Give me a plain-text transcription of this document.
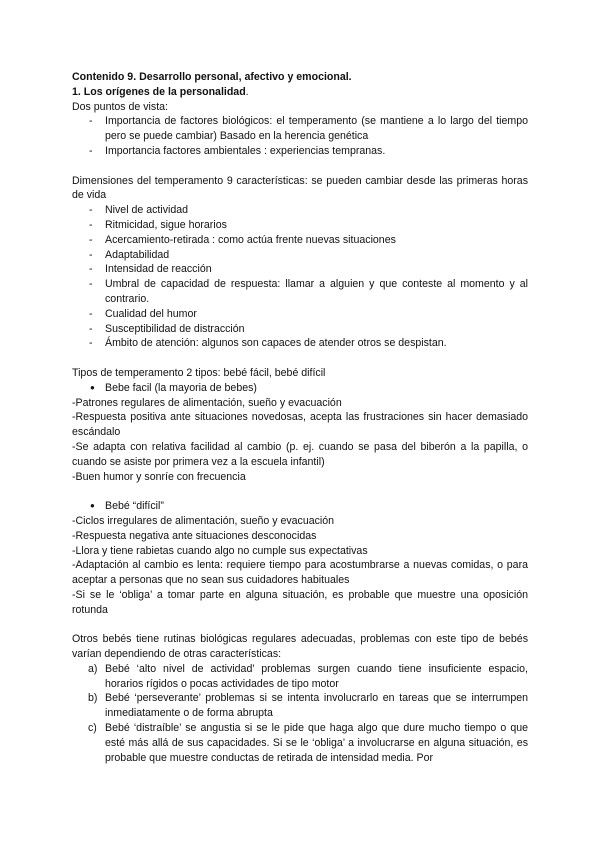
Contenido 9. Desarrollo personal, afectivo y emocional.
1. Los orígenes de la personalidad.
Dos puntos de vista:
- Importancia de factores biológicos: el temperamento (se mantiene a lo largo del tiempo pero se puede cambiar) Basado en la herencia genética
- Importancia factores ambientales : experiencias tempranas.
Dimensiones del temperamento 9 características: se pueden cambiar desde las primeras horas de vida
- Nivel de actividad
- Ritmicidad, sigue horarios
- Acercamiento-retirada : como actúa frente nuevas situaciones
- Adaptabilidad
- Intensidad de reacción
- Umbral de capacidad de respuesta: llamar a alguien y que conteste al momento y al contrario.
- Cualidad del humor
- Susceptibilidad de distracción
- Ámbito de atención: algunos son capaces de atender otros se despistan.
Tipos de temperamento 2 tipos: bebé fácil, bebé difícil
● Bebe facil (la mayoria de bebes)
-Patrones regulares de alimentación, sueño y evacuación
-Respuesta positiva ante situaciones novedosas, acepta las frustraciones sin hacer demasiado escándalo
-Se adapta con relativa facilidad al cambio (p. ej. cuando se pasa del biberón a la papilla, o cuando se asiste por primera vez a la escuela infantil)
-Buen humor y sonríe con frecuencia
● Bebé “difícil”
-Ciclos irregulares de alimentación, sueño y evacuación
-Respuesta negativa ante situaciones desconocidas
-Llora y tiene rabietas cuando algo no cumple sus expectativas
-Adaptación al cambio es lenta: requiere tiempo para acostumbrarse a nuevas comidas, o para aceptar a personas que no sean sus cuidadores habituales
-Si se le ‘obliga’ a tomar parte en alguna situación, es probable que muestre una oposición rotunda
Otros bebés tiene rutinas biológicas regulares adecuadas, problemas con este tipo de bebés varían dependiendo de otras características:
a) Bebé ‘alto nivel de actividad’ problemas surgen cuando tiene insuficiente espacio, horarios rígidos o pocas actividades de tipo motor
b) Bebé ‘perseverante’ problemas si se intenta involucrarlo en tareas que se interrumpen inmediatamente o de forma abrupta
c) Bebé ‘distraíble’ se angustia si se le pide que haga algo que dure mucho tiempo o que esté más allá de sus capacidades. Si se le ‘obliga’ a involucrarse en alguna situación, es probable que muestre conductas de retirada de intensidad media. Por
